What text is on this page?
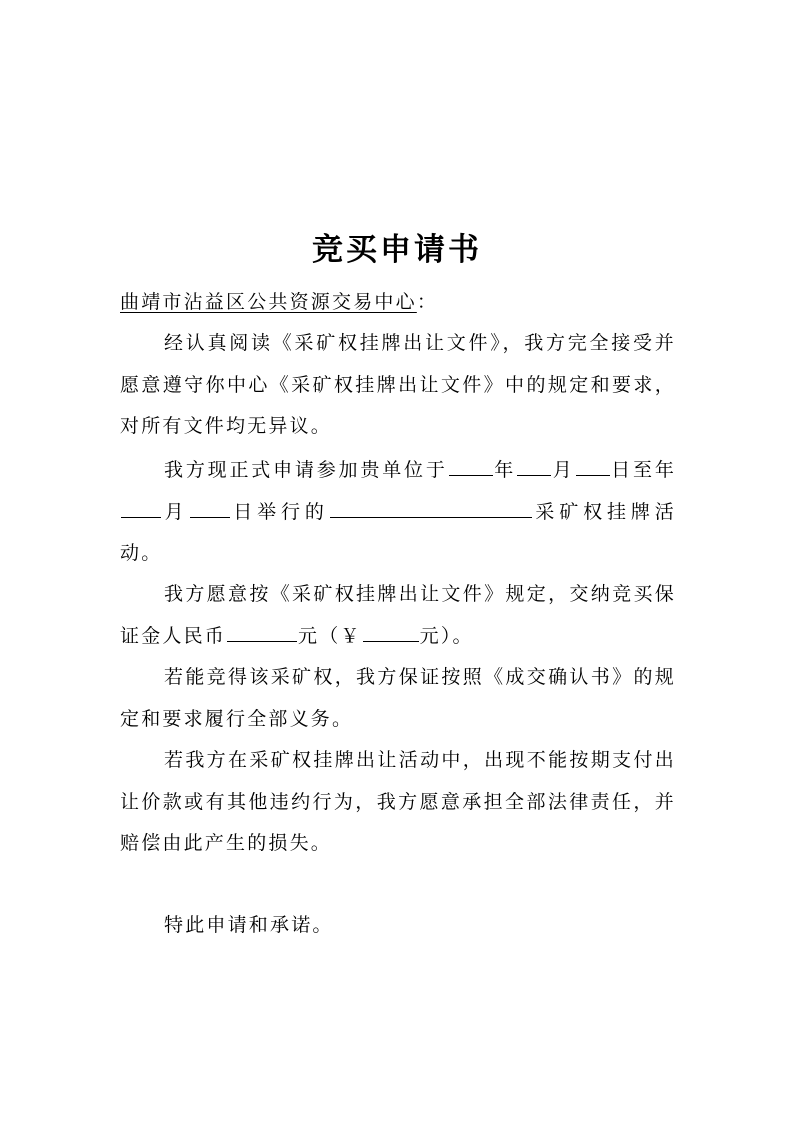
竞买申请书
曲靖市沾益区公共资源交易中心：
经认真阅读《采矿权挂牌出让文件》，我方完全接受并愿意遵守你中心《采矿权挂牌出让文件》中的规定和要求，对所有文件均无异议。
我方现正式申请参加贵单位于 年 月 日至年月 日举行的	采矿权挂牌活动。
我方愿意按《采矿权挂牌出让文件》规定，交纳竞买保证金人民币	元（￥	元）。
若能竞得该采矿权，我方保证按照《成交确认书》的规定和要求履行全部义务。
若我方在采矿权挂牌出让活动中，出现不能按期支付出让价款或有其他违约行为，我方愿意承担全部法律责任，并赔偿由此产生的损失。
特此申请和承诺。
